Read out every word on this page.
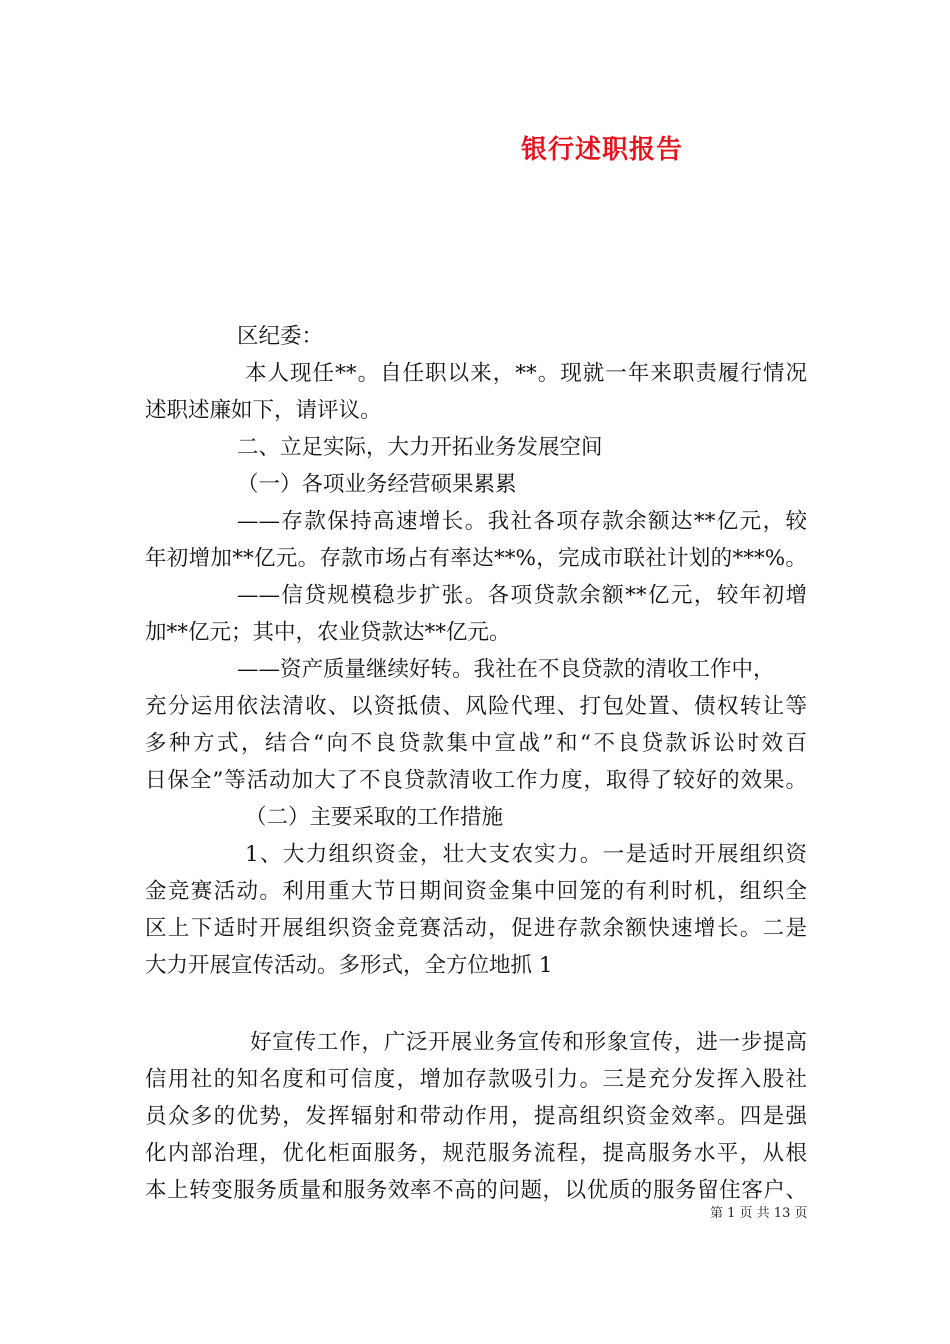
银行述职报告
区纪委：
本人现任**。自任职以来，**。现就一年来职责履行情况
述职述廉如下，请评议。
二、立足实际，大力开拓业务发展空间
（一）各项业务经营硕果累累
——存款保持高速增长。我社各项存款余额达**亿元，较
年初增加**亿元。存款市场占有率达**%，完成市联社计划的***%。
——信贷规模稳步扩张。各项贷款余额**亿元，较年初增
加**亿元；其中，农业贷款达**亿元。
——资产质量继续好转。我社在不良贷款的清收工作中，
充分运用依法清收、以资抵债、风险代理、打包处置、债权转让等
多种方式，结合“向不良贷款集中宣战”和“不良贷款诉讼时效百
日保全”等活动加大了不良贷款清收工作力度，取得了较好的效果。
（二）主要采取的工作措施
1、大力组织资金，壮大支农实力。一是适时开展组织资
金竞赛活动。利用重大节日期间资金集中回笼的有利时机，组织全
区上下适时开展组织资金竞赛活动，促进存款余额快速增长。二是
大力开展宣传活动。多形式，全方位地抓 1
好宣传工作，广泛开展业务宣传和形象宣传，进一步提高
信用社的知名度和可信度，增加存款吸引力。三是充分发挥入股社
员众多的优势，发挥辐射和带动作用，提高组织资金效率。四是强
化内部治理，优化柜面服务，规范服务流程，提高服务水平，从根
本上转变服务质量和服务效率不高的问题，以优质的服务留住客户、
第 1 页 共 13 页
